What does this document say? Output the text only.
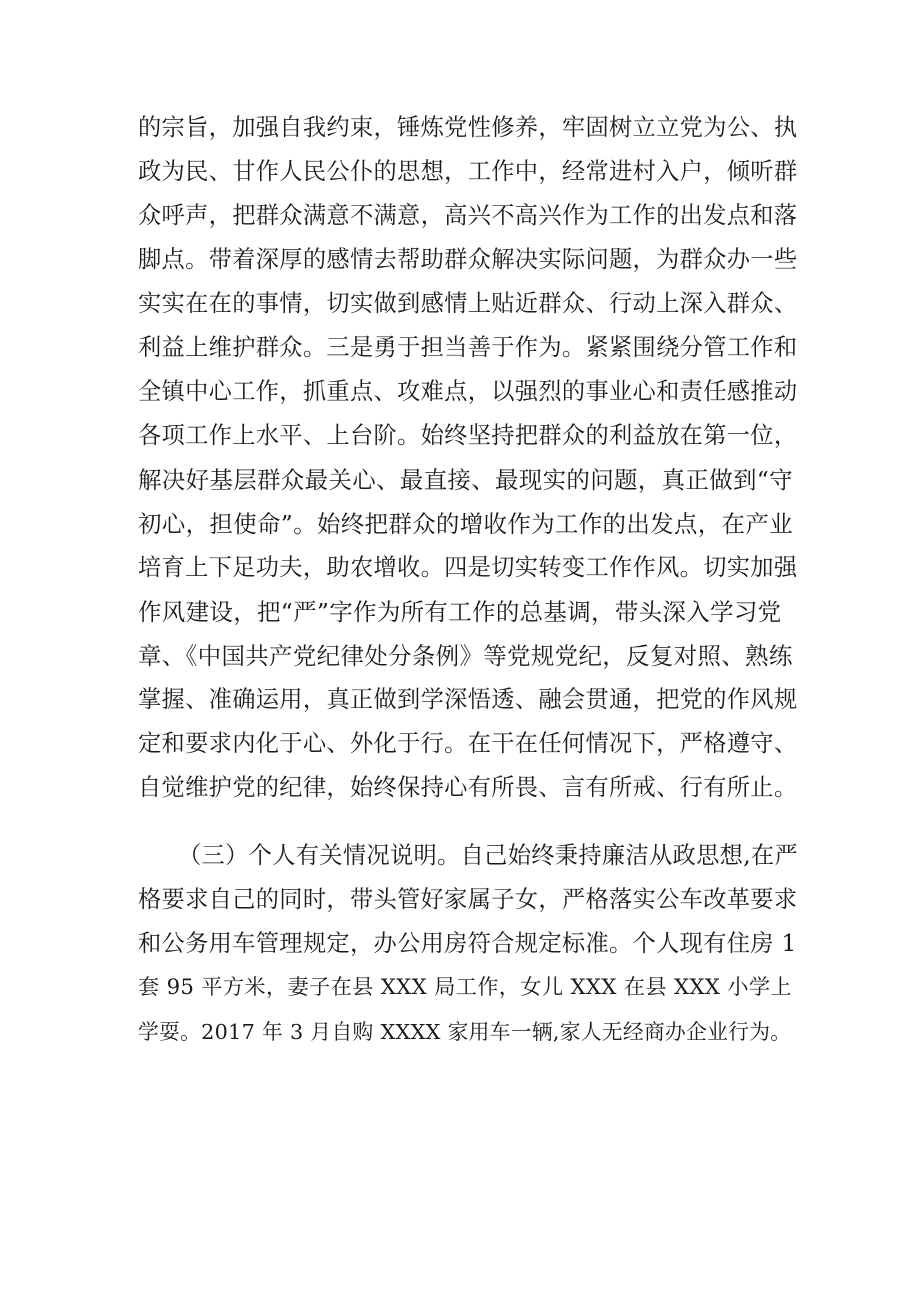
的宗旨，加强自我约束，锤炼党性修养，牢固树立立党为公、执
政为民、甘作人民公仆的思想，工作中，经常进村入户，倾听群
众呼声，把群众满意不满意，高兴不高兴作为工作的出发点和落
脚点。带着深厚的感情去帮助群众解决实际问题，为群众办一些
实实在在的事情，切实做到感情上贴近群众、行动上深入群众、
利益上维护群众。三是勇于担当善于作为。紧紧围绕分管工作和
全镇中心工作，抓重点、攻难点，以强烈的事业心和责任感推动
各项工作上水平、上台阶。始终坚持把群众的利益放在第一位，
解决好基层群众最关心、最直接、最现实的问题，真正做到“守
初心，担使命”。始终把群众的增收作为工作的出发点，在产业
培育上下足功夫，助农增收。四是切实转变工作作风。切实加强
作风建设，把“严”字作为所有工作的总基调，带头深入学习党
章、《中国共产党纪律处分条例》等党规党纪，反复对照、熟练
掌握、准确运用，真正做到学深悟透、融会贯通，把党的作风规
定和要求内化于心、外化于行。在干在任何情况下，严格遵守、
自觉维护党的纪律，始终保持心有所畏、言有所戒、行有所止。
（三）个人有关情况说明。自己始终秉持廉洁从政思想,在严
格要求自己的同时，带头管好家属子女，严格落实公车改革要求
和公务用车管理规定，办公用房符合规定标准。个人现有住房 1
套 95 平方米，妻子在县 XXX 局工作，女儿 XXX 在县 XXX 小学上
学耍。2017 年 3 月自购 XXXX 家用车一辆,家人无经商办企业行为。
